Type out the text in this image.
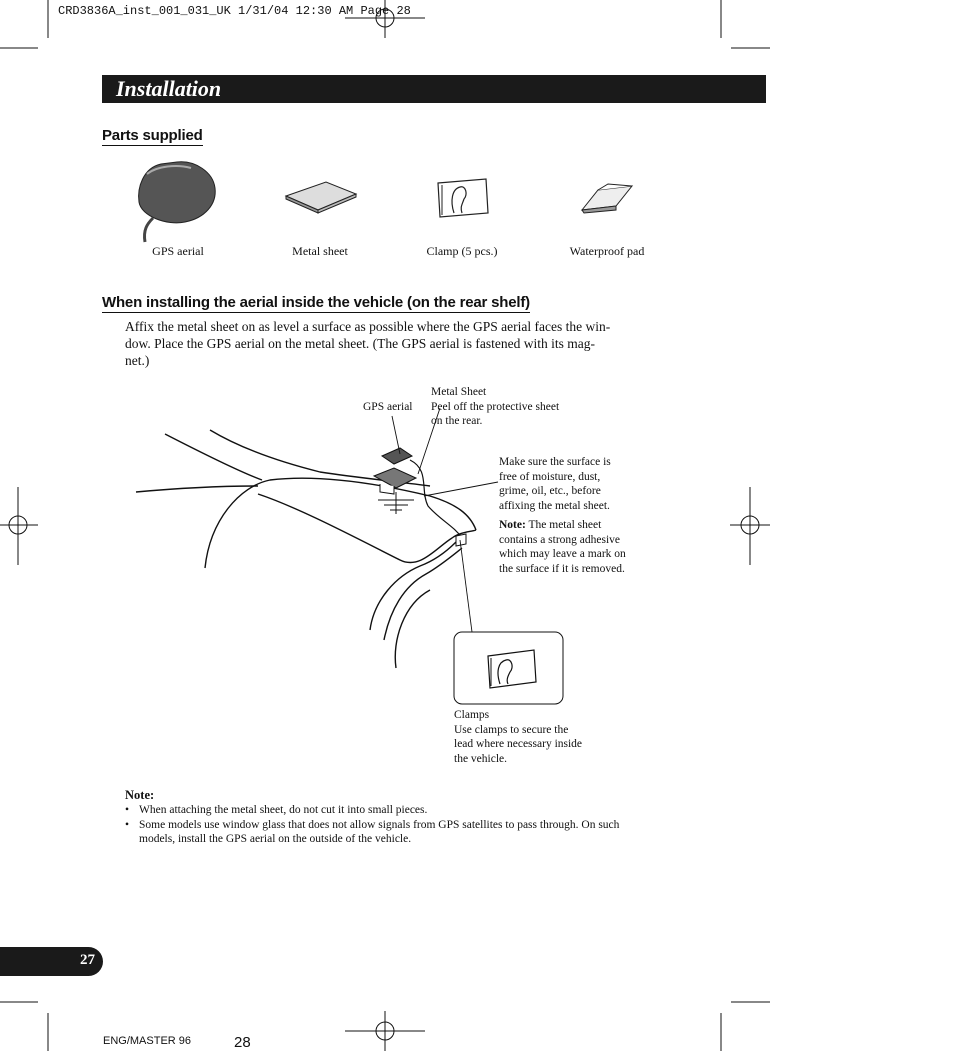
CRD3836A_inst_001_031_UK 1/31/04 12:30 AM Page 28
Installation
Parts supplied
GPS aerial	Metal sheet	Clamp (5 pcs.)	Waterproof pad
When installing the aerial inside the vehicle (on the rear shelf)
Affix the metal sheet on as level a surface as possible where the GPS aerial faces the win-
dow. Place the GPS aerial on the metal sheet. (The GPS aerial is fastened with its mag-
net.)
GPS aerial
Metal Sheet
Peel off the protective sheet
on the rear.
Make sure the surface is
free of moisture, dust,
grime, oil, etc., before
affixing the metal sheet.
Note: The metal sheet
contains a strong adhesive
which may leave a mark on
the surface if it is removed.
Clamps
Use clamps to secure the
lead where necessary inside
the vehicle.
Note:
• When attaching the metal sheet, do not cut it into small pieces.
• Some models use window glass that does not allow signals from GPS satellites to pass through. On such models, install the GPS aerial on the outside of the vehicle.
27
ENG/MASTER 96	28
